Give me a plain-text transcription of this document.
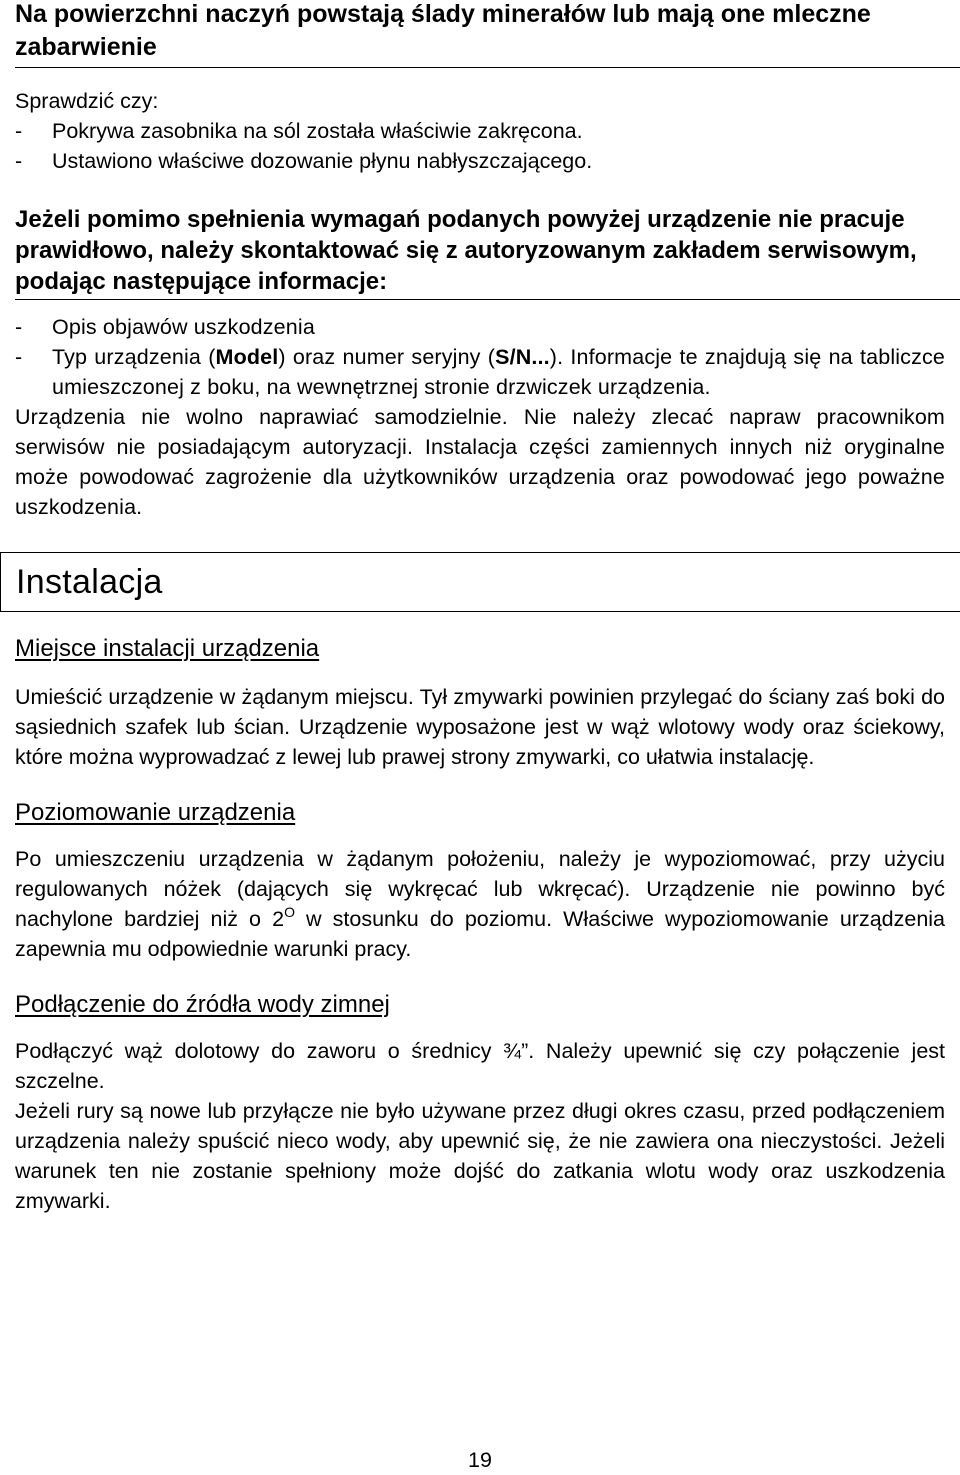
Na powierzchni naczyń powstają ślady minerałów lub mają one mleczne zabarwienie
Sprawdzić czy:
-	Pokrywa zasobnika na sól została właściwie zakręcona.
-	Ustawiono właściwe dozowanie płynu nabłyszczającego.
Jeżeli pomimo spełnienia wymagań podanych powyżej urządzenie nie pracuje prawidłowo, należy skontaktować się z autoryzowanym zakładem serwisowym, podając następujące informacje:
-	Opis objawów uszkodzenia
-	Typ urządzenia (Model) oraz numer seryjny (S/N...). Informacje te znajdują się na tabliczce umieszczonej z boku, na wewnętrznej stronie drzwiczek urządzenia.
Urządzenia nie wolno naprawiać samodzielnie. Nie należy zlecać napraw pracownikom serwisów nie posiadającym autoryzacji. Instalacja części zamiennych innych niż oryginalne może powodować zagrożenie dla użytkowników urządzenia oraz powodować jego poważne uszkodzenia.
Instalacja
Miejsce instalacji urządzenia
Umieścić urządzenie w żądanym miejscu. Tył zmywarki powinien przylegać do ściany zaś boki do sąsiednich szafek lub ścian. Urządzenie wyposażone jest w wąż wlotowy wody oraz ściekowy, które można wyprowadzać z lewej lub prawej strony zmywarki, co ułatwia instalację.
Poziomowanie urządzenia
Po umieszczeniu urządzenia w żądanym położeniu, należy je wypoziomować, przy użyciu regulowanych nóżek (dających się wykręcać lub wkręcać). Urządzenie nie powinno być nachylone bardziej niż o $2^O$ w stosunku do poziomu. Właściwe wypoziomowanie urządzenia zapewnia mu odpowiednie warunki pracy.
Podłączenie do źródła wody zimnej
Podłączyć wąż dolotowy do zaworu o średnicy ¾”. Należy upewnić się czy połączenie jest szczelne.
Jeżeli rury są nowe lub przyłącze nie było używane przez długi okres czasu, przed podłączeniem urządzenia należy spuścić nieco wody, aby upewnić się, że nie zawiera ona nieczystości. Jeżeli warunek ten nie zostanie spełniony może dojść do zatkania wlotu wody oraz uszkodzenia zmywarki.
19
